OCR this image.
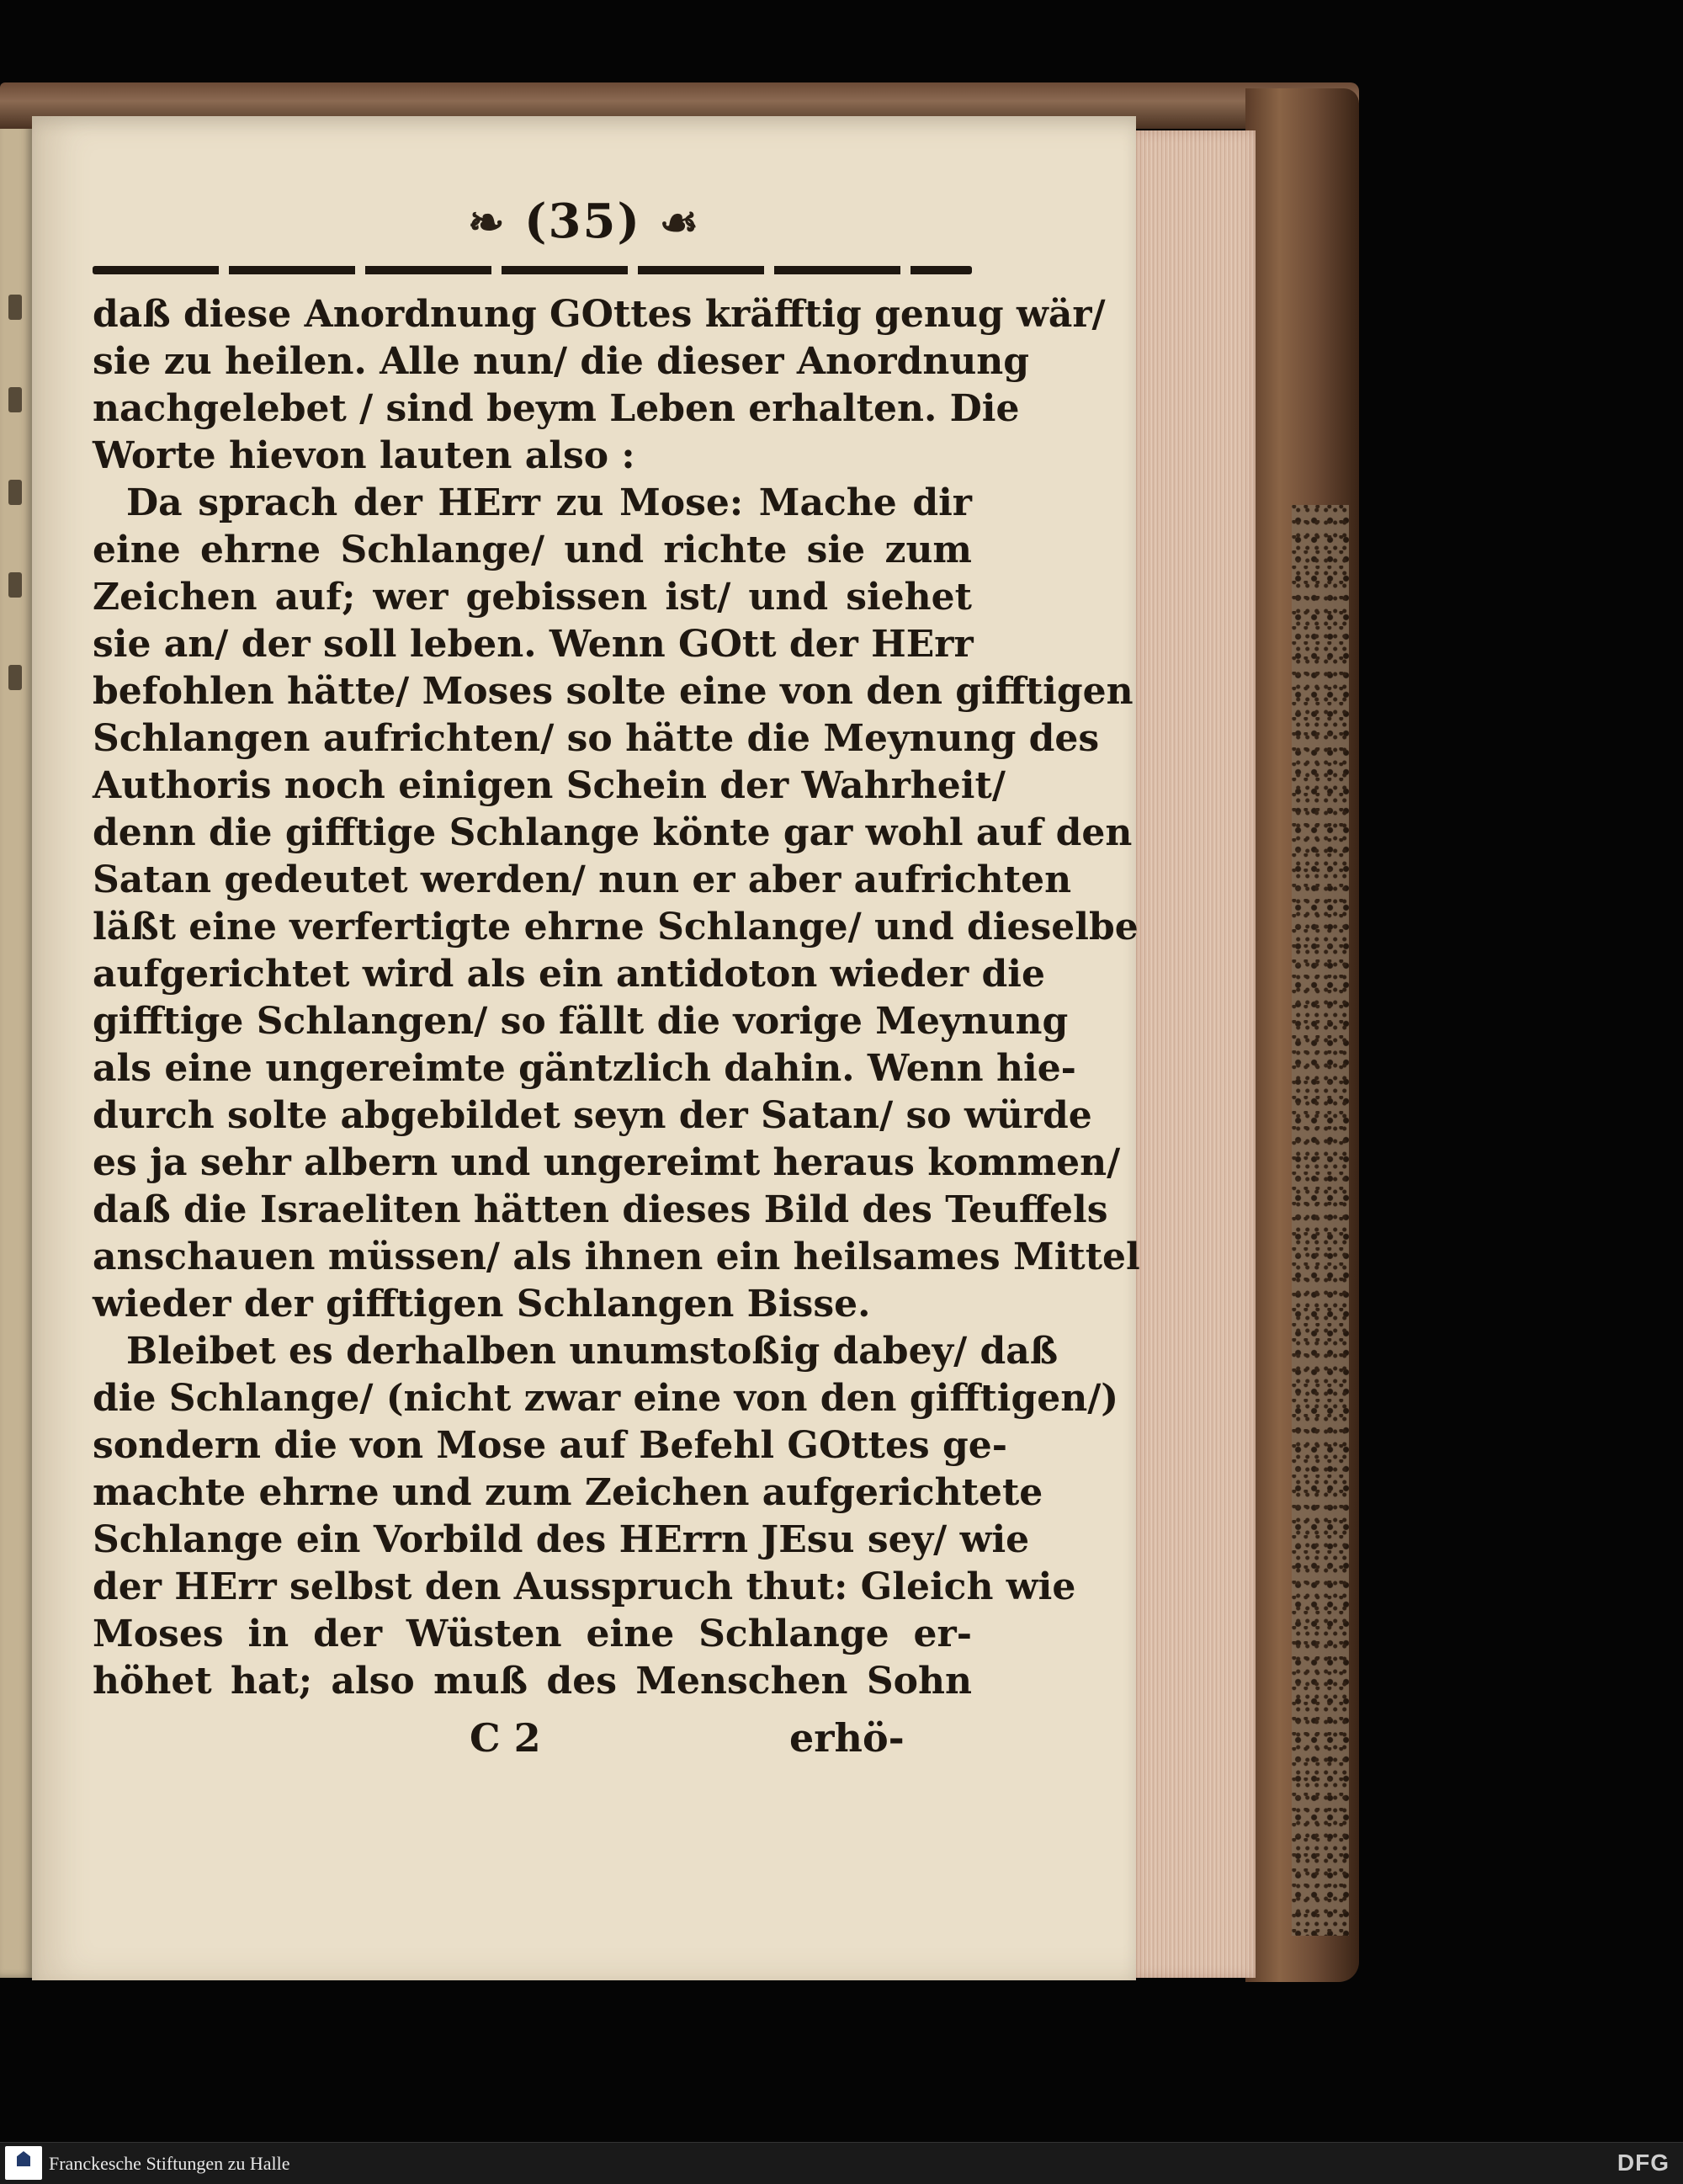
❧ (35) ☙
daß diese Anordnung GOttes kräfftig genug wär/
sie zu heilen. Alle nun/ die dieser Anordnung
nachgelebet / sind beym Leben erhalten. Die
Worte hievon lauten also :
Da sprach der HErr zu Mose: Mache dir
eine ehrne Schlange/ und richte sie zum
Zeichen auf; wer gebissen ist/ und siehet
sie an/ der soll leben. Wenn GOtt der HErr
befohlen hätte/ Moses solte eine von den gifftigen
Schlangen aufrichten/ so hätte die Meynung des
Authoris noch einigen Schein der Wahrheit/
denn die gifftige Schlange könte gar wohl auf den
Satan gedeutet werden/ nun er aber aufrichten
läßt eine verfertigte ehrne Schlange/ und dieselbe
aufgerichtet wird als ein antidoton wieder die
gifftige Schlangen/ so fällt die vorige Meynung
als eine ungereimte gäntzlich dahin. Wenn hie-
durch solte abgebildet seyn der Satan/ so würde
es ja sehr albern und ungereimt heraus kommen/
daß die Israeliten hätten dieses Bild des Teuffels
anschauen müssen/ als ihnen ein heilsames Mittel
wieder der gifftigen Schlangen Bisse.
Bleibet es derhalben unumstoßig dabey/ daß
die Schlange/ (nicht zwar eine von den gifftigen/)
sondern die von Mose auf Befehl GOttes ge-
machte ehrne und zum Zeichen aufgerichtete
Schlange ein Vorbild des HErrn JEsu sey/ wie
der HErr selbst den Ausspruch thut: Gleich wie
Moses in der Wüsten eine Schlange er-
höhet hat; also muß des Menschen Sohn
C 2	erhö-
Franckesche Stiftungen zu Halle	DFG
